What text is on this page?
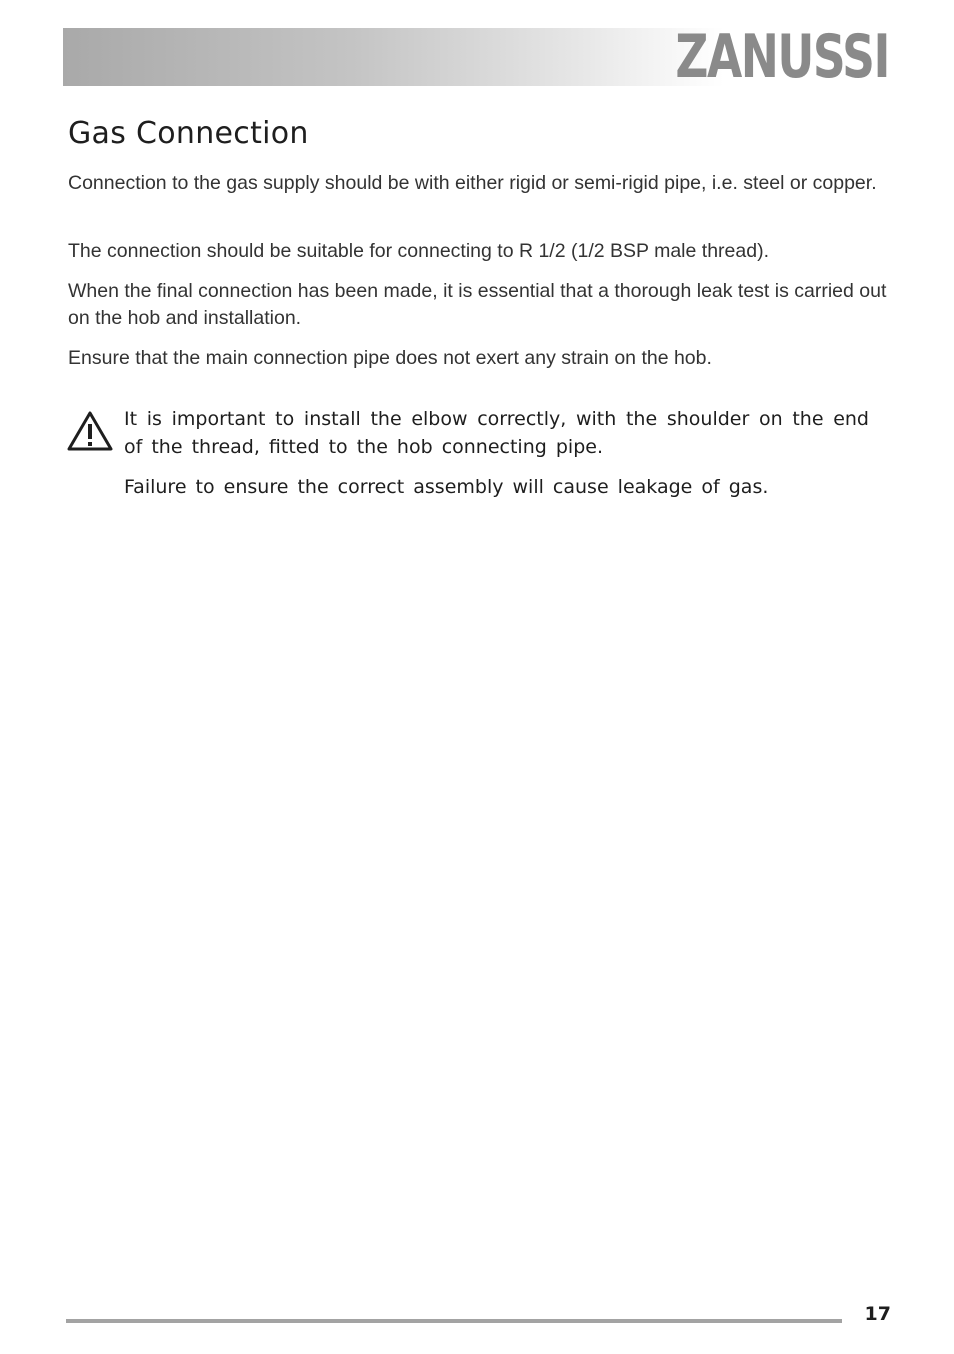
ZANUSSI
Gas Connection

Connection to the gas supply should be with either rigid or semi-rigid pipe, i.e. steel or copper.

The connection should be suitable for connecting to R 1/2 (1/2 BSP male thread).

When the final connection has been made, it is essential that a thorough leak test is carried out on the hob and installation.

Ensure that the main connection pipe does not exert any strain on the hob.

It is important to install the elbow correctly, with the shoulder on the end of the thread, fitted to the hob connecting pipe.

Failure to ensure the correct assembly will cause leakage of gas.

17
